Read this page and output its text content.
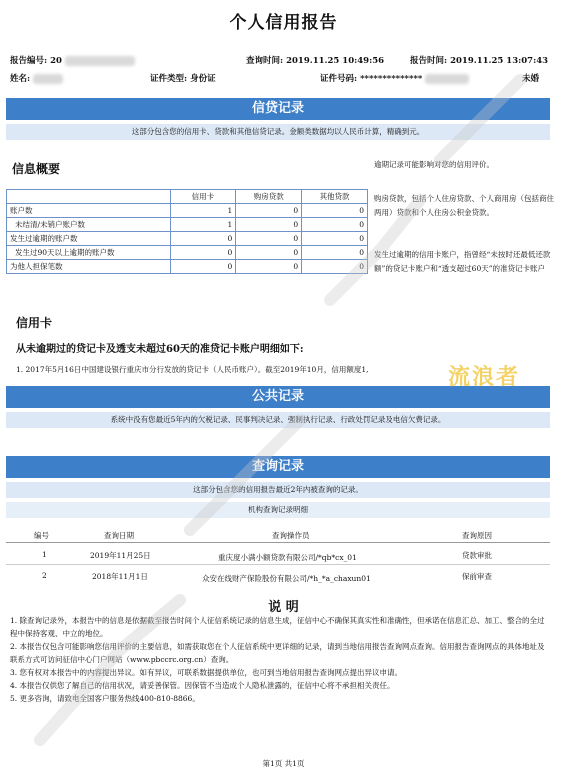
个人信用报告
报告编号: 20	查询时间: 2019.11.25 10:49:56	报告时间: 2019.11.25 13:07:43
姓名:	证件类型: 身份证	证件号码: **************	未婚
信贷记录
这部分包含您的信用卡、贷款和其他信贷记录。金额类数据均以人民币计算，精确到元。
信息概要
	信用卡	购房贷款	其他贷款
账户数	1	0	0
未结清/未销户账户数	1	0	0
发生过逾期的账户数	0	0	0
发生过90天以上逾期的账户数	0	0	0
为他人担保笔数	0	0	0
逾期记录可能影响对您的信用评价。
购房贷款，包括个人住房贷款、个人商用房（包括商住两用）贷款和个人住房公积金贷款。
发生过逾期的信用卡账户，指曾经“未按时还最低还款额”的贷记卡账户和“透支超过60天”的准贷记卡账户
信用卡
从未逾期过的贷记卡及透支未超过60天的准贷记卡账户明细如下:
1. 2017年5月16日中国建设银行重庆市分行发放的贷记卡（人民币账户）。截至2019年10月，信用额度1,
公共记录
系统中没有您最近5年内的欠税记录、民事判决记录、强制执行记录、行政处罚记录及电信欠费记录。
查询记录
这部分包含您的信用报告最近2年内被查询的记录。
机构查询记录明细
编号	查询日期	查询操作员	查询原因
1	2019年11月25日	重庆度小满小额贷款有限公司/*qb*cx_01	贷款审批
2	2018年11月1日	众安在线财产保险股份有限公司/*h_*a_chaxun01	保前审查
说 明
1. 除查询记录外，本报告中的信息是依据截至报告时间个人征信系统记录的信息生成，征信中心不确保其真实性和准确性，但承诺在信息汇总、加工、整合的全过程中保持客观、中立的地位。
2. 本报告仅包含可能影响您信用评价的主要信息，如需获取您在个人征信系统中更详细的记录，请到当地信用报告查询网点查询。信用报告查询网点的具体地址及联系方式可访问征信中心门户网站（www.pbccrc.org.cn）查询。
3. 您有权对本报告中的内容提出异议。如有异议，可联系数据提供单位，也可到当地信用报告查询网点提出异议申请。
4. 本报告仅供您了解自己的信用状况，请妥善保管。因保管不当造成个人隐私泄露的，征信中心将不承担相关责任。
5. 更多咨询，请致电全国客户服务热线400-810-8866。
第1页 共1页
流浪者
